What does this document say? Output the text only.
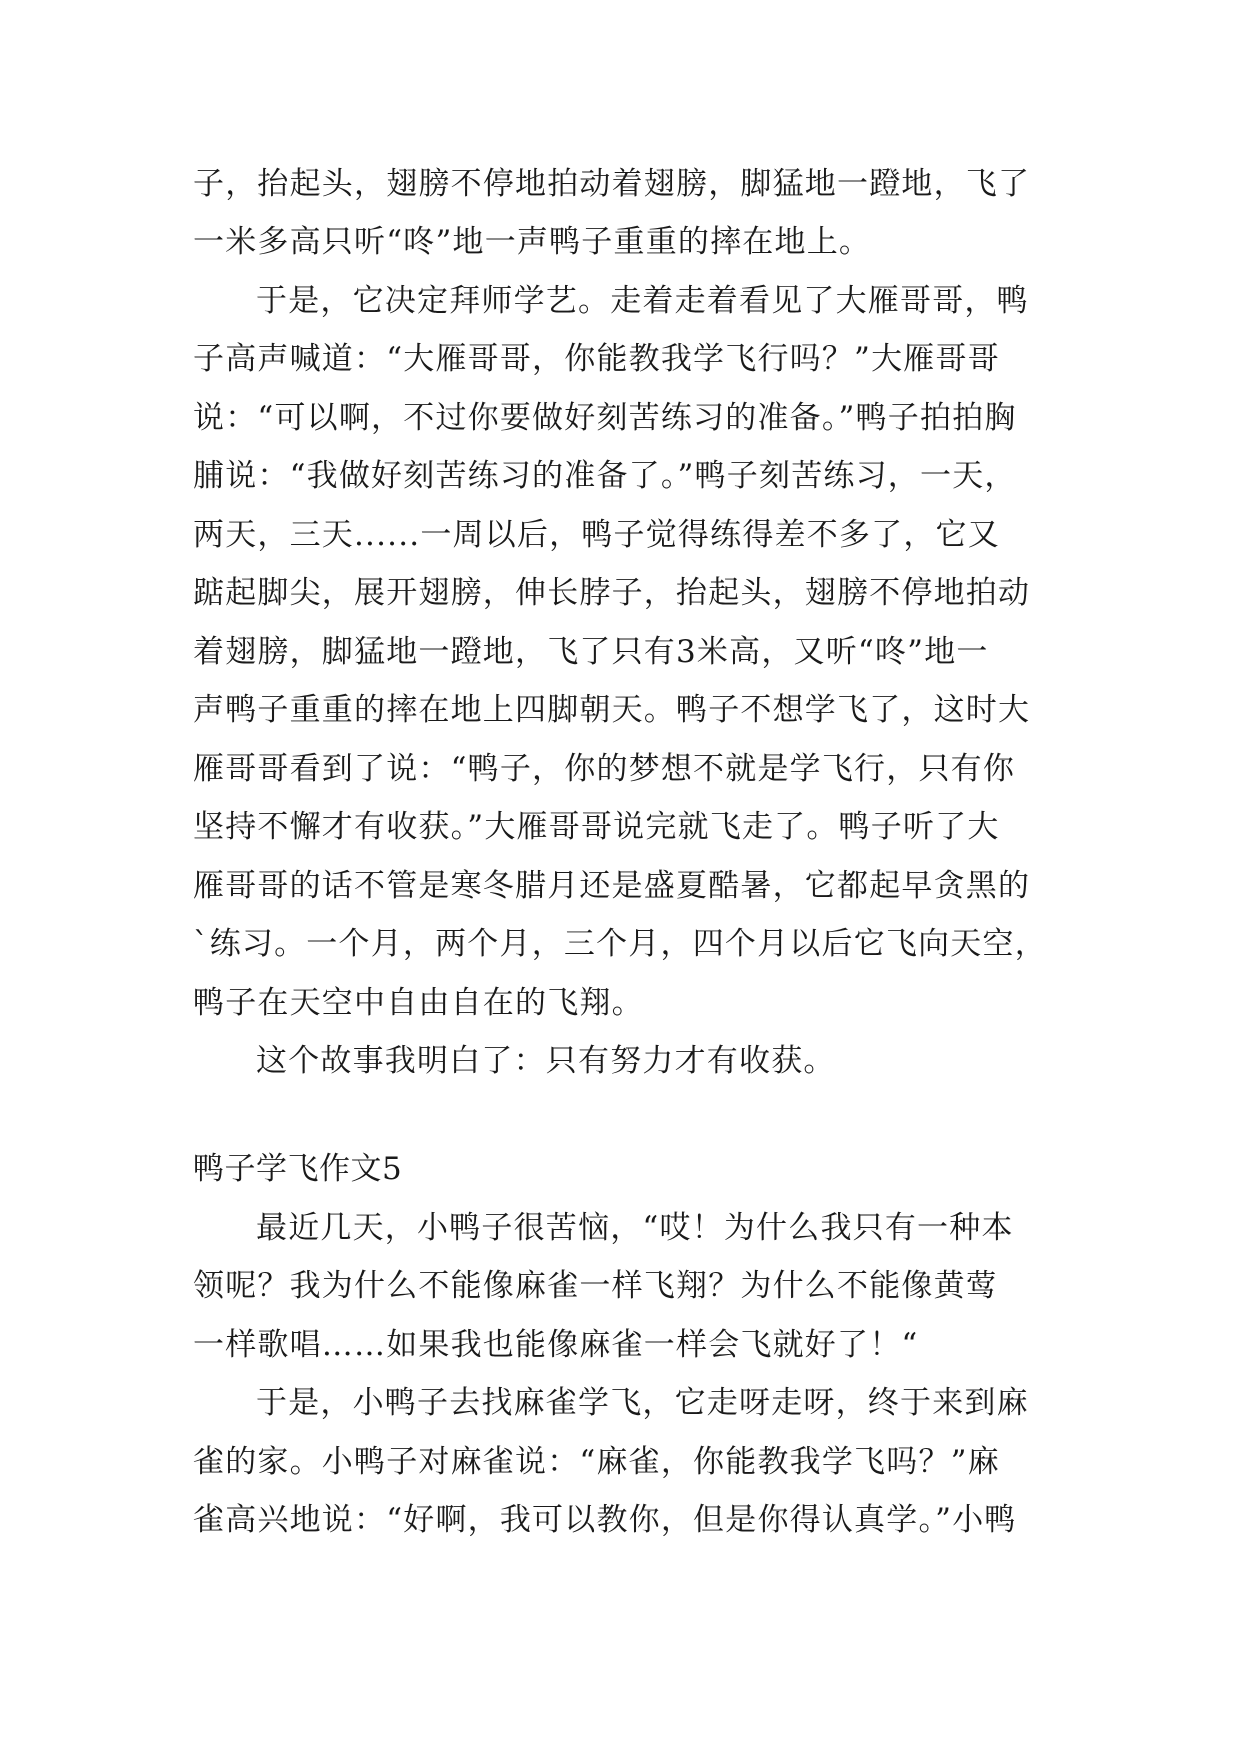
子，抬起头，翅膀不停地拍动着翅膀，脚猛地一蹬地，飞了
一米多高只听“咚”地一声鸭子重重的摔在地上。
于是，它决定拜师学艺。走着走着看见了大雁哥哥，鸭
子高声喊道：“大雁哥哥，你能教我学飞行吗？”大雁哥哥
说：“可以啊，不过你要做好刻苦练习的准备。”鸭子拍拍胸
脯说：“我做好刻苦练习的准备了。”鸭子刻苦练习，一天，
两天，三天......一周以后，鸭子觉得练得差不多了，它又
踮起脚尖，展开翅膀，伸长脖子，抬起头，翅膀不停地拍动
着翅膀，脚猛地一蹬地，飞了只有3米高，又听“咚”地一
声鸭子重重的摔在地上四脚朝天。鸭子不想学飞了，这时大
雁哥哥看到了说：“鸭子，你的梦想不就是学飞行，只有你
坚持不懈才有收获。”大雁哥哥说完就飞走了。鸭子听了大
雁哥哥的话不管是寒冬腊月还是盛夏酷暑，它都起早贪黑的
`练习。一个月，两个月，三个月，四个月以后它飞向天空，
鸭子在天空中自由自在的飞翔。
这个故事我明白了：只有努力才有收获。
鸭子学飞作文5
最近几天，小鸭子很苦恼，“哎！为什么我只有一种本
领呢？我为什么不能像麻雀一样飞翔？为什么不能像黄莺
一样歌唱……如果我也能像麻雀一样会飞就好了！“
于是，小鸭子去找麻雀学飞，它走呀走呀，终于来到麻
雀的家。小鸭子对麻雀说：“麻雀，你能教我学飞吗？”麻
雀高兴地说：“好啊，我可以教你，但是你得认真学。”小鸭
